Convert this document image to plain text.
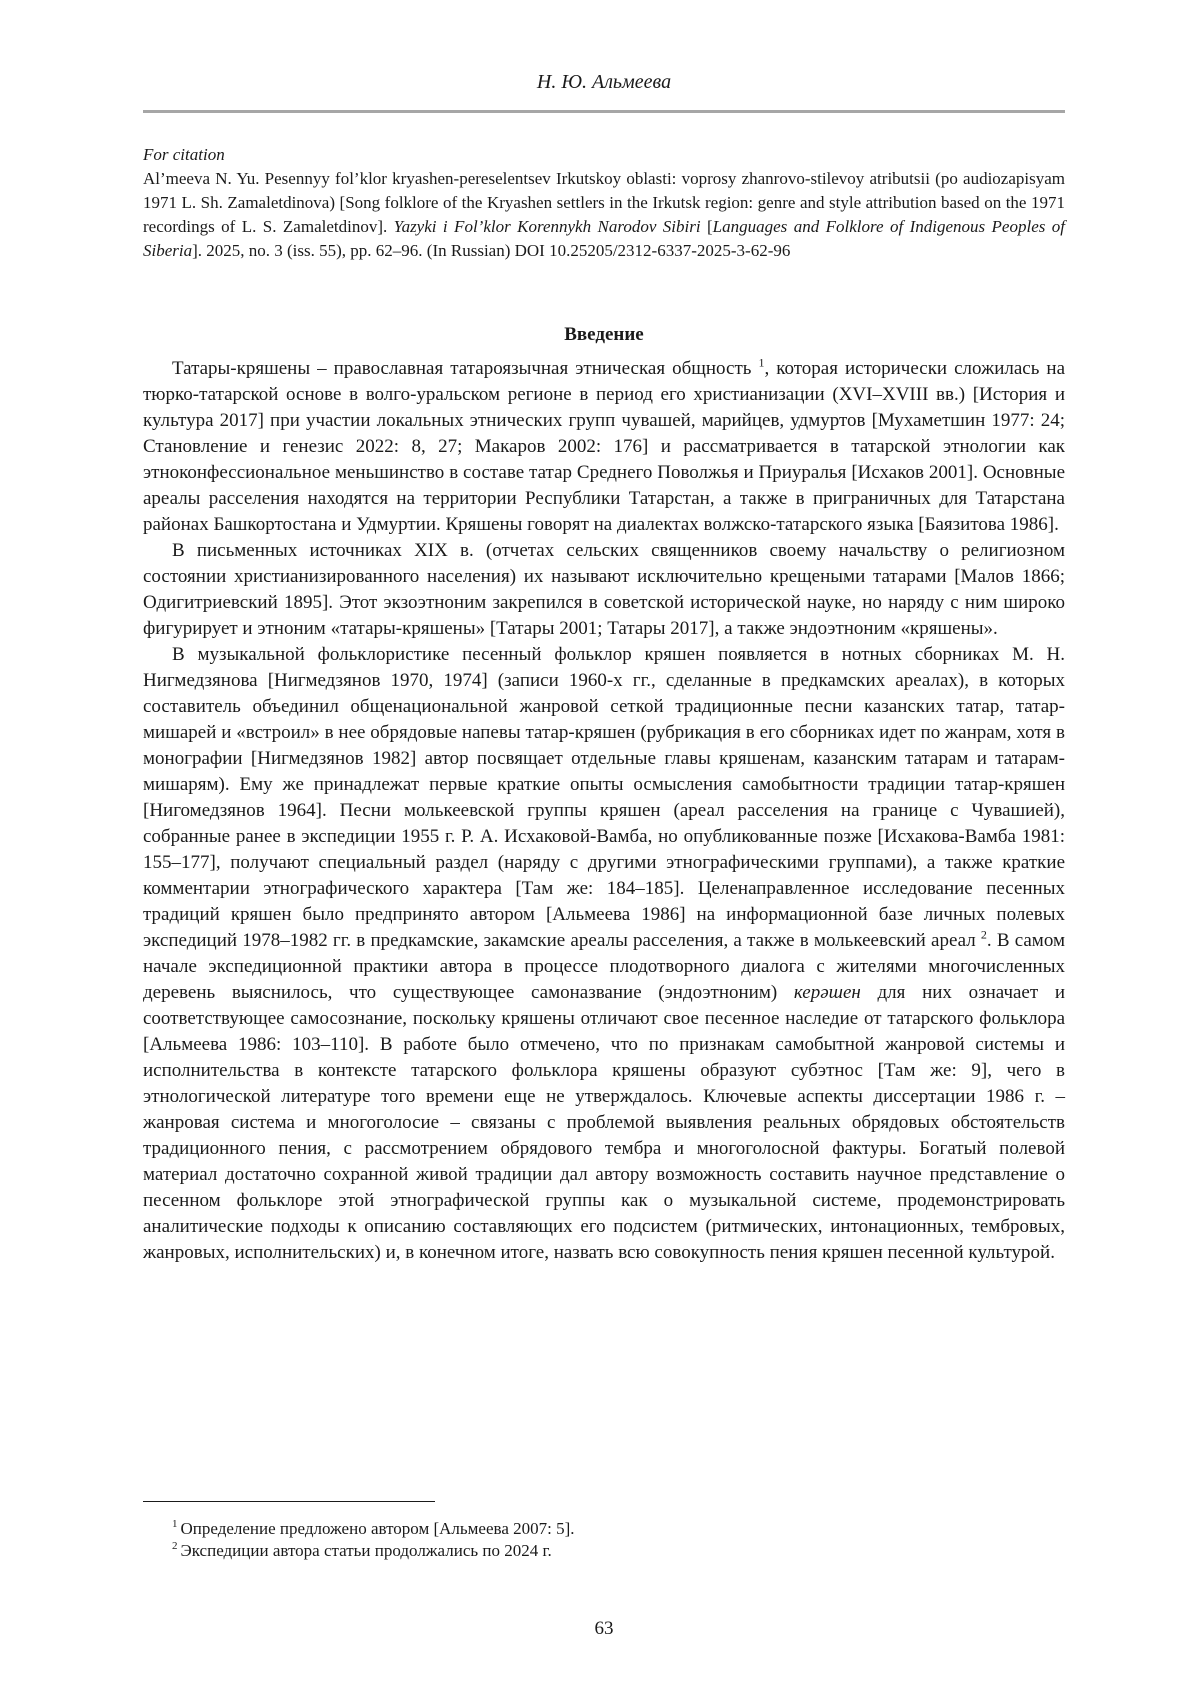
Н. Ю. Альмеева
For citation

Al’meeva N. Yu. Pesennyy fol’klor kryashen-pereselentsev Irkutskoy oblasti: voprosy zhanrovo-stilevoy atributsii (po audiozapisyam 1971 L. Sh. Zamaletdinova) [Song folklore of the Kryashen settlers in the Irkutsk region: genre and style attribution based on the 1971 recordings of L. S. Zamaletdinov]. Yazyki i Fol’klor Korennykh Narodov Sibiri [Languages and Folklore of Indigenous Peoples of Siberia]. 2025, no. 3 (iss. 55), pp. 62–96. (In Russian) DOI 10.25205/2312-6337-2025-3-62-96

Введение

Татары-кряшены – православная татароязычная этническая общность $^1$, которая исторически сложилась на тюрко-татарской основе в волго-уральском регионе в период его христианизации (XVI–XVIII вв.) [История и культура 2017] при участии локальных этнических групп чувашей, марийцев, удмуртов [Мухаметшин 1977: 24; Становление и генезис 2022: 8, 27; Макаров 2002: 176] и рассматривается в татарской этнологии как этноконфессиональное меньшинство в составе татар Среднего Поволжья и Приуралья [Исхаков 2001]. Основные ареалы расселения находятся на территории Республики Татарстан, а также в приграничных для Татарстана районах Башкортостана и Удмуртии. Кряшены говорят на диалектах волжско-татарского языка [Баязитова 1986].

В письменных источниках XIX в. (отчетах сельских священников своему начальству о религиозном состоянии христианизированного населения) их называют исключительно крещеными татарами [Малов 1866; Одигитриевский 1895]. Этот экзоэтноним закрепился в советской исторической науке, но наряду с ним широко фигурирует и этноним «татары-кряшены» [Татары 2001; Татары 2017], а также эндоэтноним «кряшены».

В музыкальной фольклористике песенный фольклор кряшен появляется в нотных сборниках М. Н. Нигмедзянова [Нигмедзянов 1970, 1974] (записи 1960-х гг., сделанные в предкамских ареалах), в которых составитель объединил общенациональной жанровой сеткой традиционные песни казанских татар, татар-мишарей и «встроил» в нее обрядовые напевы татар-кряшен (рубрикация в его сборниках идет по жанрам, хотя в монографии [Нигмедзянов 1982] автор посвящает отдельные главы кряшенам, казанским татарам и татарам-мишарям). Ему же принадлежат первые краткие опыты осмысления самобытности традиции татар-кряшен [Нигомедзянов 1964]. Песни молькеевской группы кряшен (ареал расселения на границе с Чувашией), собранные ранее в экспедиции 1955 г. Р. А. Исхаковой-Вамба, но опубликованные позже [Исхакова-Вамба 1981: 155–177], получают специальный раздел (наряду с другими этнографическими группами), а также краткие комментарии этнографического характера [Там же: 184–185]. Целенаправленное исследование песенных традиций кряшен было предпринято автором [Альмеева 1986] на информационной базе личных полевых экспедиций 1978–1982 гг. в предкамские, закамские ареалы расселения, а также в молькеевский ареал $^2$. В самом начале экспедиционной практики автора в процессе плодотворного диалога с жителями многочисленных деревень выяснилось, что существующее самоназвание (эндоэтноним) керәшен для них означает и соответствующее самосознание, поскольку кряшены отличают свое песенное наследие от татарского фольклора [Альмеева 1986: 103–110]. В работе было отмечено, что по признакам самобытной жанровой системы и исполнительства в контексте татарского фольклора кряшены образуют субэтнос [Там же: 9], чего в этнологической литературе того времени еще не утверждалось. Ключевые аспекты диссертации 1986 г. – жанровая система и многоголосие – связаны с проблемой выявления реальных обрядовых обстоятельств традиционного пения, с рассмотрением обрядового тембра и многоголосной фактуры. Богатый полевой материал достаточно сохранной живой традиции дал автору возможность составить научное представление о песенном фольклоре этой этнографической группы как о музыкальной системе, продемонстрировать аналитические подходы к описанию составляющих его подсистем (ритмических, интонационных, тембровых, жанровых, исполнительских) и, в конечном итоге, назвать всю совокупность пения кряшен песенной культурой.

$^1$ Определение предложено автором [Альмеева 2007: 5].

$^2$ Экспедиции автора статьи продолжались по 2024 г.

63
